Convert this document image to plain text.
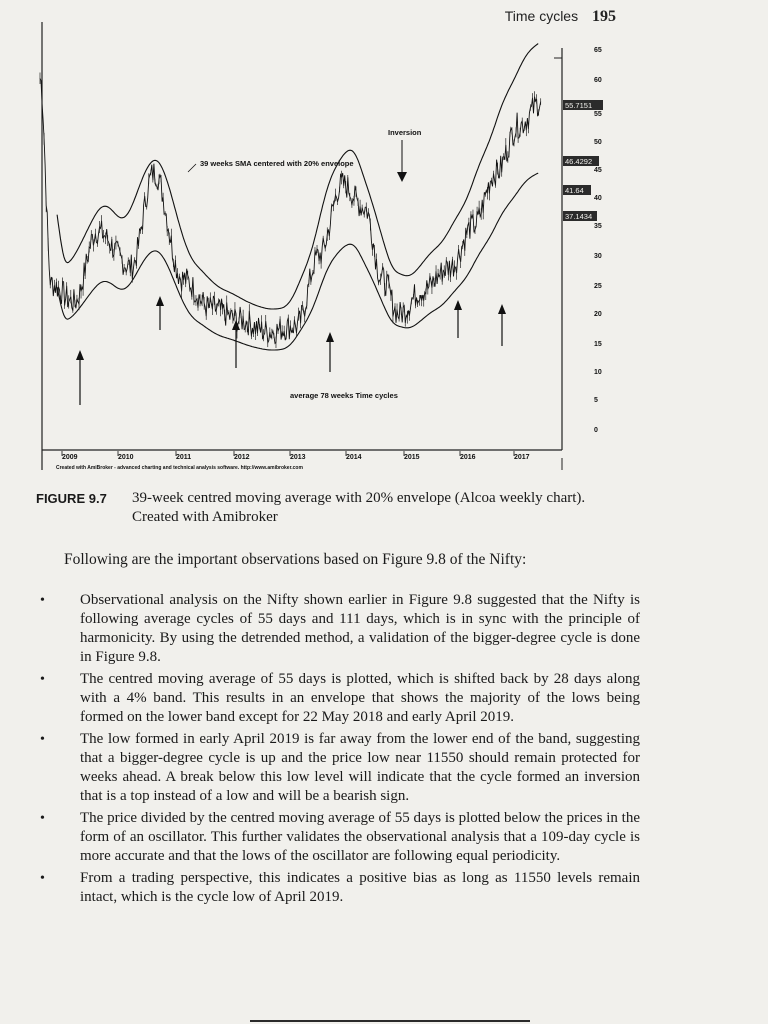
Time cycles 195
65
60
55
50
45
40
35
30
25
20
15
10
5
0
2009	2010	2011	2012	2013	2014	2015	2016	2017
55.7151
46.4292
41.64
37.1434
39 weeks SMA centered with 20% envelope
Inversion
average 78 weeks Time cycles
Created with AmiBroker - advanced charting and technical analysis software. http://www.amibroker.com
FIGURE 9.7 39-week centred moving average with 20% envelope (Alcoa weekly chart).
Created with Amibroker
Following are the important observations based on Figure 9.8 of the Nifty:
• Observational analysis on the Nifty shown earlier in Figure 9.8 suggested that the Nifty is following average cycles of 55 days and 111 days, which is in sync with the principle of harmonicity. By using the detrended method, a validation of the bigger-degree cycle is done in Figure 9.8.
• The centred moving average of 55 days is plotted, which is shifted back by 28 days along with a 4% band. This results in an envelope that shows the majority of the lows being formed on the lower band except for 22 May 2018 and early April 2019.
• The low formed in early April 2019 is far away from the lower end of the band, suggesting that a bigger-degree cycle is up and the price low near 11550 should remain protected for weeks ahead. A break below this low level will indicate that the cycle formed an inversion that is a top instead of a low and will be a bearish sign.
• The price divided by the centred moving average of 55 days is plotted below the prices in the form of an oscillator. This further validates the observational analysis that a 109-day cycle is more accurate and that the lows of the oscillator are following equal periodicity.
• From a trading perspective, this indicates a positive bias as long as 11550 levels remain intact, which is the cycle low of April 2019.
